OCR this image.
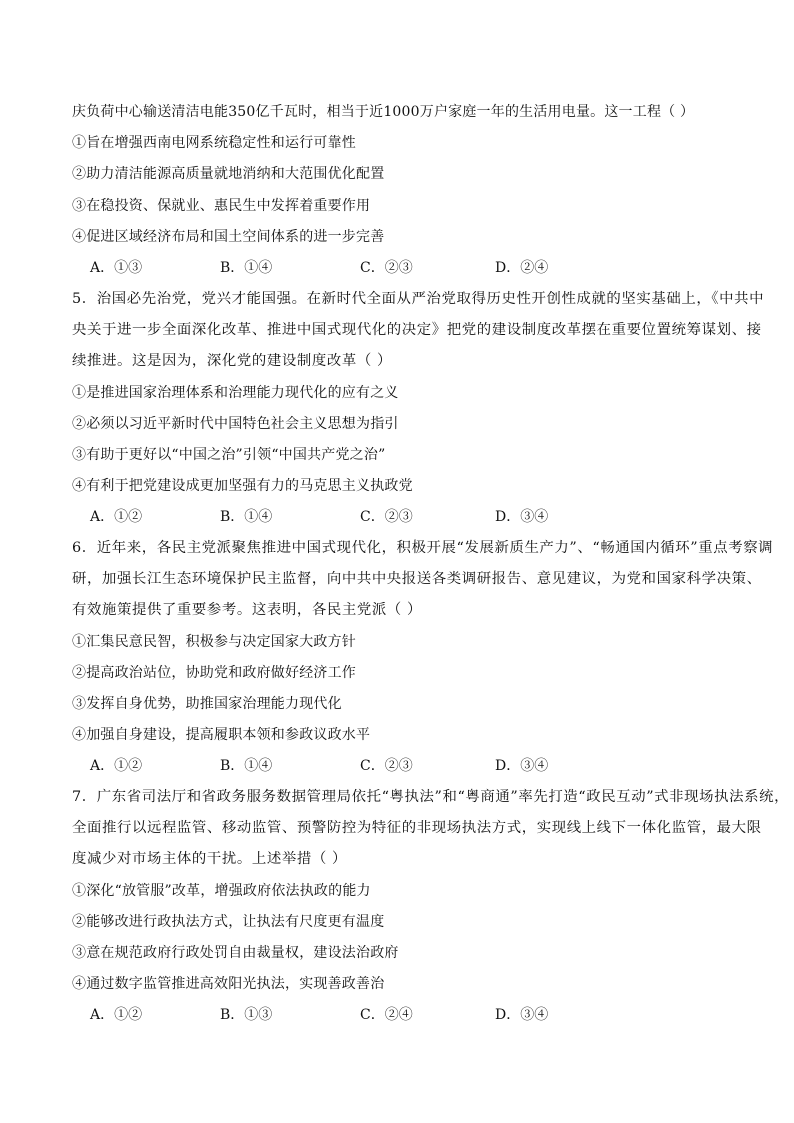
庆负荷中心输送清洁电能350亿千瓦时，相当于近1000万户家庭一年的生活用电量。这一工程（ ）
①旨在增强西南电网系统稳定性和运行可靠性
②助力清洁能源高质量就地消纳和大范围优化配置
③在稳投资、保就业、惠民生中发挥着重要作用
④促进区域经济布局和国土空间体系的进一步完善
A．①③	B．①④	C．②③	D．②④
5．治国必先治党，党兴才能国强。在新时代全面从严治党取得历史性开创性成就的坚实基础上，《中共中
央关于进一步全面深化改革、推进中国式现代化的决定》把党的建设制度改革摆在重要位置统筹谋划、接
续推进。这是因为，深化党的建设制度改革（ ）
①是推进国家治理体系和治理能力现代化的应有之义
②必须以习近平新时代中国特色社会主义思想为指引
③有助于更好以“中国之治”引领“中国共产党之治”
④有利于把党建设成更加坚强有力的马克思主义执政党
A．①②	B．①④	C．②③	D．③④
6．近年来，各民主党派聚焦推进中国式现代化，积极开展“发展新质生产力”、“畅通国内循环”重点考察调
研，加强长江生态环境保护民主监督，向中共中央报送各类调研报告、意见建议，为党和国家科学决策、
有效施策提供了重要参考。这表明，各民主党派（ ）
①汇集民意民智，积极参与决定国家大政方针
②提高政治站位，协助党和政府做好经济工作
③发挥自身优势，助推国家治理能力现代化
④加强自身建设，提高履职本领和参政议政水平
A．①②	B．①④	C．②③	D．③④
7．广东省司法厅和省政务服务数据管理局依托“粤执法”和“粤商通”率先打造“政民互动”式非现场执法系统，
全面推行以远程监管、移动监管、预警防控为特征的非现场执法方式，实现线上线下一体化监管，最大限
度减少对市场主体的干扰。上述举措（ ）
①深化“放管服”改革，增强政府依法执政的能力
②能够改进行政执法方式，让执法有尺度更有温度
③意在规范政府行政处罚自由裁量权，建设法治政府
④通过数字监管推进高效阳光执法，实现善政善治
A．①②	B．①③	C．②④	D．③④
